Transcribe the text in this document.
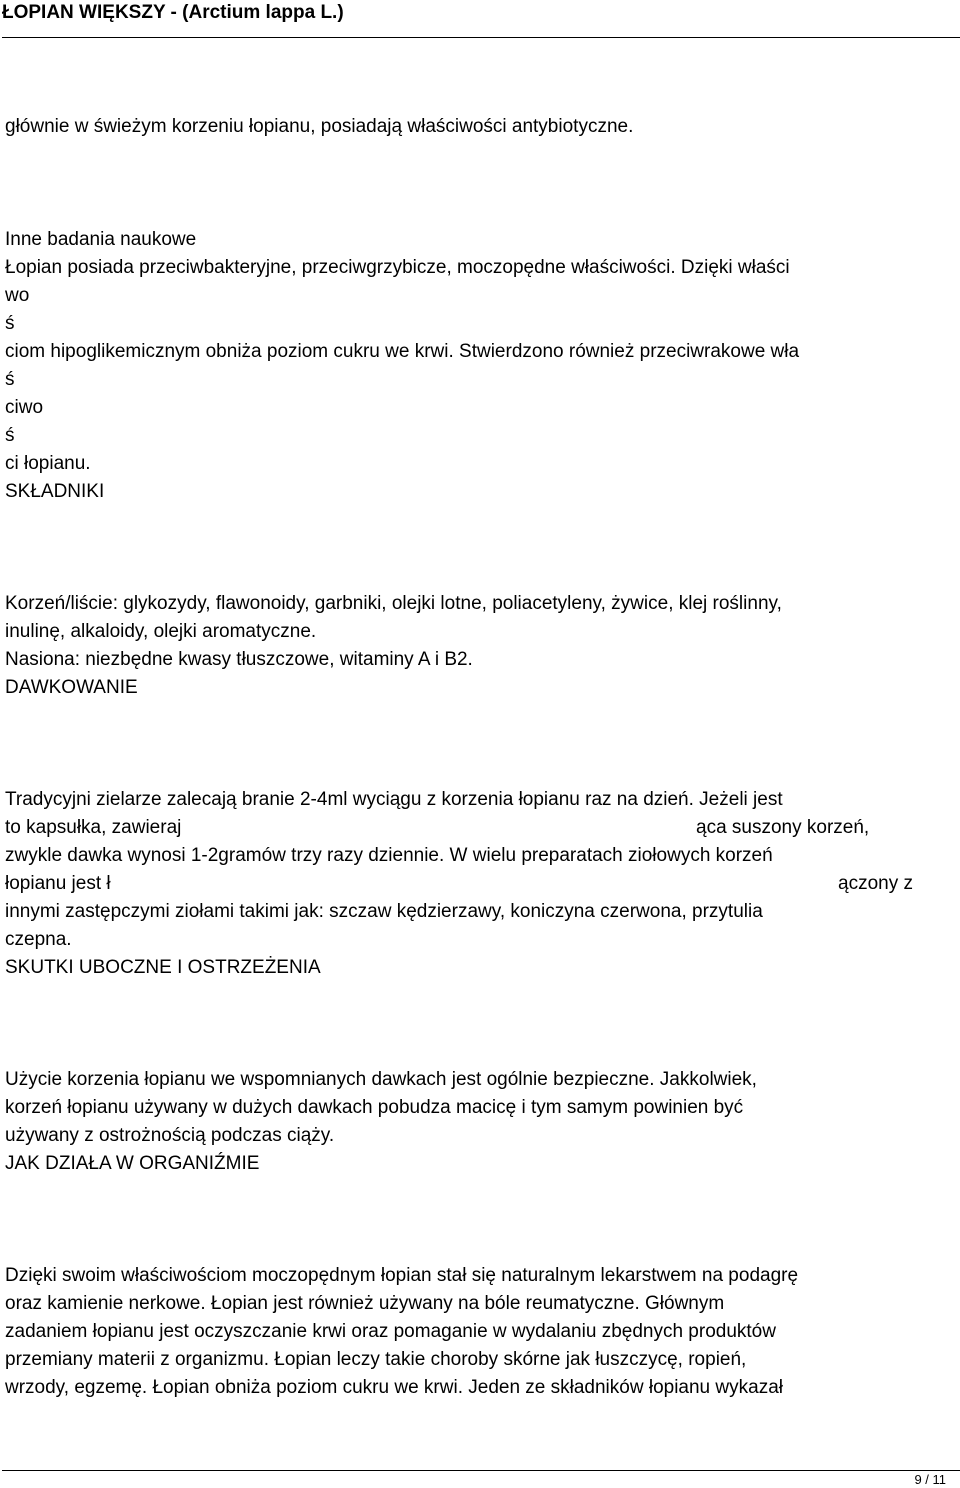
ŁOPIAN WIĘKSZY - (Arctium lappa L.)
głównie w świeżym korzeniu łopianu, posiadają właściwości antybiotyczne.
Inne badania naukowe
Łopian posiada przeciwbakteryjne, przeciwgrzybicze, moczopędne właściwości. Dzięki właści
wo
ś
ciom hipoglikemicznym obniża poziom cukru we krwi. Stwierdzono również przeciwrakowe wła
ś
ciwo
ś
ci łopianu.
SKŁADNIKI
Korzeń/liście: glykozydy, flawonoidy, garbniki, olejki lotne, poliacetyleny, żywice, klej roślinny,
inulinę, alkaloidy, olejki aromatyczne.
Nasiona: niezbędne kwasy tłuszczowe, witaminy A i B2.
DAWKOWANIE
Tradycyjni zielarze zalecają branie 2-4ml wyciągu z korzenia łopianu raz na dzień. Jeżeli jest
to kapsułka, zawieraj	ąca suszony korzeń,
zwykle dawka wynosi 1-2gramów trzy razy dziennie. W wielu preparatach ziołowych korzeń
łopianu jest ł	ączony z
innymi zastępczymi ziołami takimi jak: szczaw kędzierzawy, koniczyna czerwona, przytulia
czepna.
SKUTKI UBOCZNE I OSTRZEŻENIA
Użycie korzenia łopianu we wspomnianych dawkach jest ogólnie bezpieczne. Jakkolwiek,
korzeń łopianu używany w dużych dawkach pobudza macicę i tym samym powinien być
używany z ostrożnością podczas ciąży.
JAK DZIAŁA W ORGANIŹMIE
Dzięki swoim właściwościom moczopędnym łopian stał się naturalnym lekarstwem na podagrę
oraz kamienie nerkowe. Łopian jest również używany na bóle reumatyczne. Głównym
zadaniem łopianu jest oczyszczanie krwi oraz pomaganie w wydalaniu zbędnych produktów
przemiany materii z organizmu. Łopian leczy takie choroby skórne jak łuszczycę, ropień,
wrzody, egzemę. Łopian obniża poziom cukru we krwi. Jeden ze składników łopianu wykazał
9 / 11
